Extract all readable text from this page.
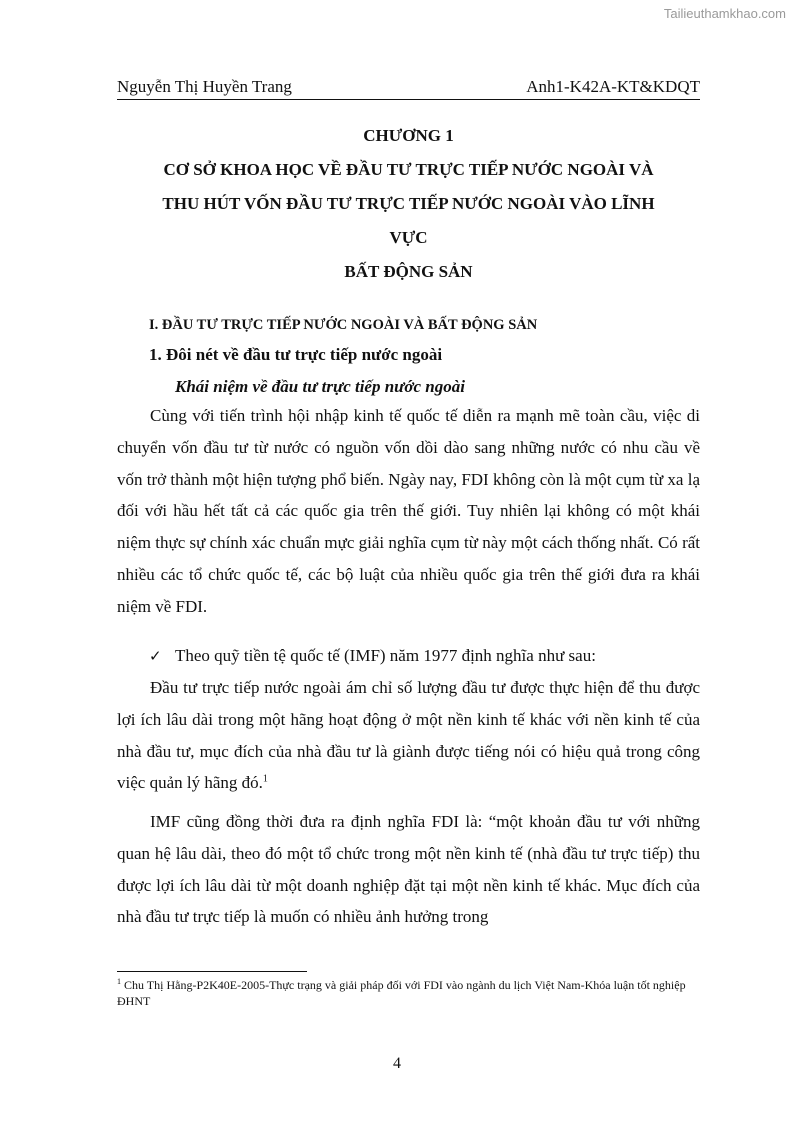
Tailieuthamkhao.com
Nguyễn Thị Huyền Trang	Anh1-K42A-KT&KDQT
CHƯƠNG 1
CƠ SỞ KHOA HỌC VỀ ĐẦU TƯ TRỰC TIẾP NƯỚC NGOÀI VÀ
THU HÚT VỐN ĐẦU TƯ TRỰC TIẾP NƯỚC NGOÀI VÀO LĨNH
VỰC
BẤT ĐỘNG SẢN
I. ĐẦU TƯ TRỰC TIẾP NƯỚC NGOÀI VÀ BẤT ĐỘNG SẢN
1. Đôi nét về đầu tư trực tiếp nước ngoài
Khái niệm về đầu tư trực tiếp nước ngoài

Cùng với tiến trình hội nhập kinh tế quốc tế diễn ra mạnh mẽ toàn cầu, việc di chuyển vốn đầu tư từ nước có nguồn vốn dồi dào sang những nước có nhu cầu về vốn trở thành một hiện tượng phổ biến. Ngày nay, FDI không còn là một cụm từ xa lạ đối với hầu hết tất cả các quốc gia trên thế giới. Tuy nhiên lại không có một khái niệm thực sự chính xác chuẩn mực giải nghĩa cụm từ này một cách thống nhất. Có rất nhiều các tổ chức quốc tế, các bộ luật của nhiều quốc gia trên thế giới đưa ra khái niệm về FDI.

✓ Theo quỹ tiền tệ quốc tế (IMF) năm 1977 định nghĩa như sau:

Đầu tư trực tiếp nước ngoài ám chỉ số lượng đầu tư được thực hiện để thu được lợi ích lâu dài trong một hãng hoạt động ở một nền kinh tế khác với nền kinh tế của nhà đầu tư, mục đích của nhà đầu tư là giành được tiếng nói có hiệu quả trong công việc quản lý hãng đó.$^1$

IMF cũng đồng thời đưa ra định nghĩa FDI là: “một khoản đầu tư với những quan hệ lâu dài, theo đó một tổ chức trong một nền kinh tế (nhà đầu tư trực tiếp) thu được lợi ích lâu dài từ một doanh nghiệp đặt tại một nền kinh tế khác. Mục đích của nhà đầu tư trực tiếp là muốn có nhiều ảnh hưởng trong

$^1$ Chu Thị Hằng-P2K40E-2005-Thực trạng và giải pháp đối với FDI vào ngành du lịch Việt Nam-Khóa luận tốt nghiệp ĐHNT
4
